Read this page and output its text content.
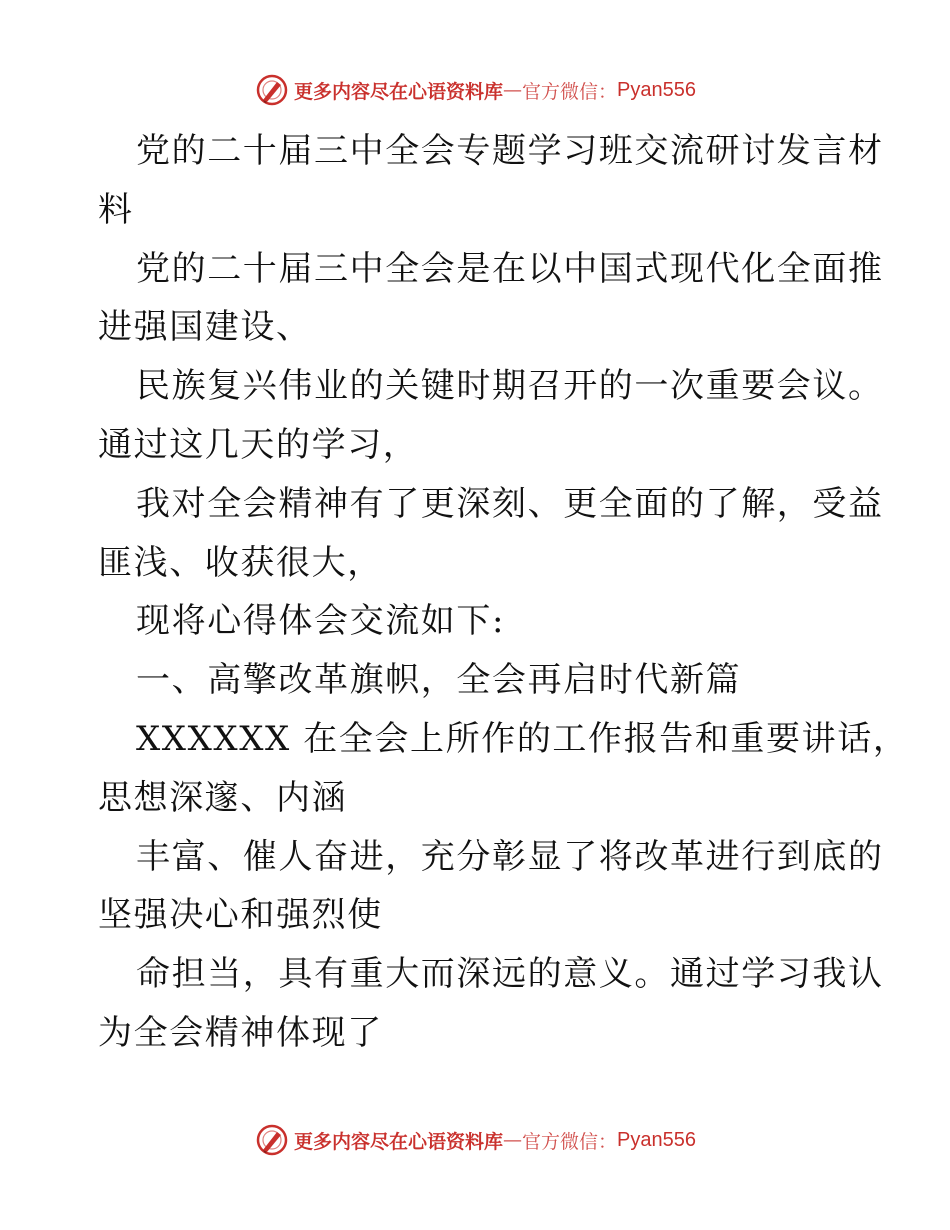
更多内容尽在心语资料库 — 官方微信： Pyan556
党的二十届三中全会专题学习班交流研讨发言材
料
党的二十届三中全会是在以中国式现代化全面推
进强国建设、
民族复兴伟业的关键时期召开的一次重要会议。
通过这几天的学习，
我对全会精神有了更深刻、更全面的了解，受益
匪浅、收获很大，
现将心得体会交流如下:
一、高擎改革旗帜，全会再启时代新篇
XXXXXX 在全会上所作的工作报告和重要讲话，
思想深邃、内涵
丰富、催人奋进，充分彰显了将改革进行到底的
坚强决心和强烈使
命担当，具有重大而深远的意义。通过学习我认
为全会精神体现了
更多内容尽在心语资料库 — 官方微信： Pyan556
